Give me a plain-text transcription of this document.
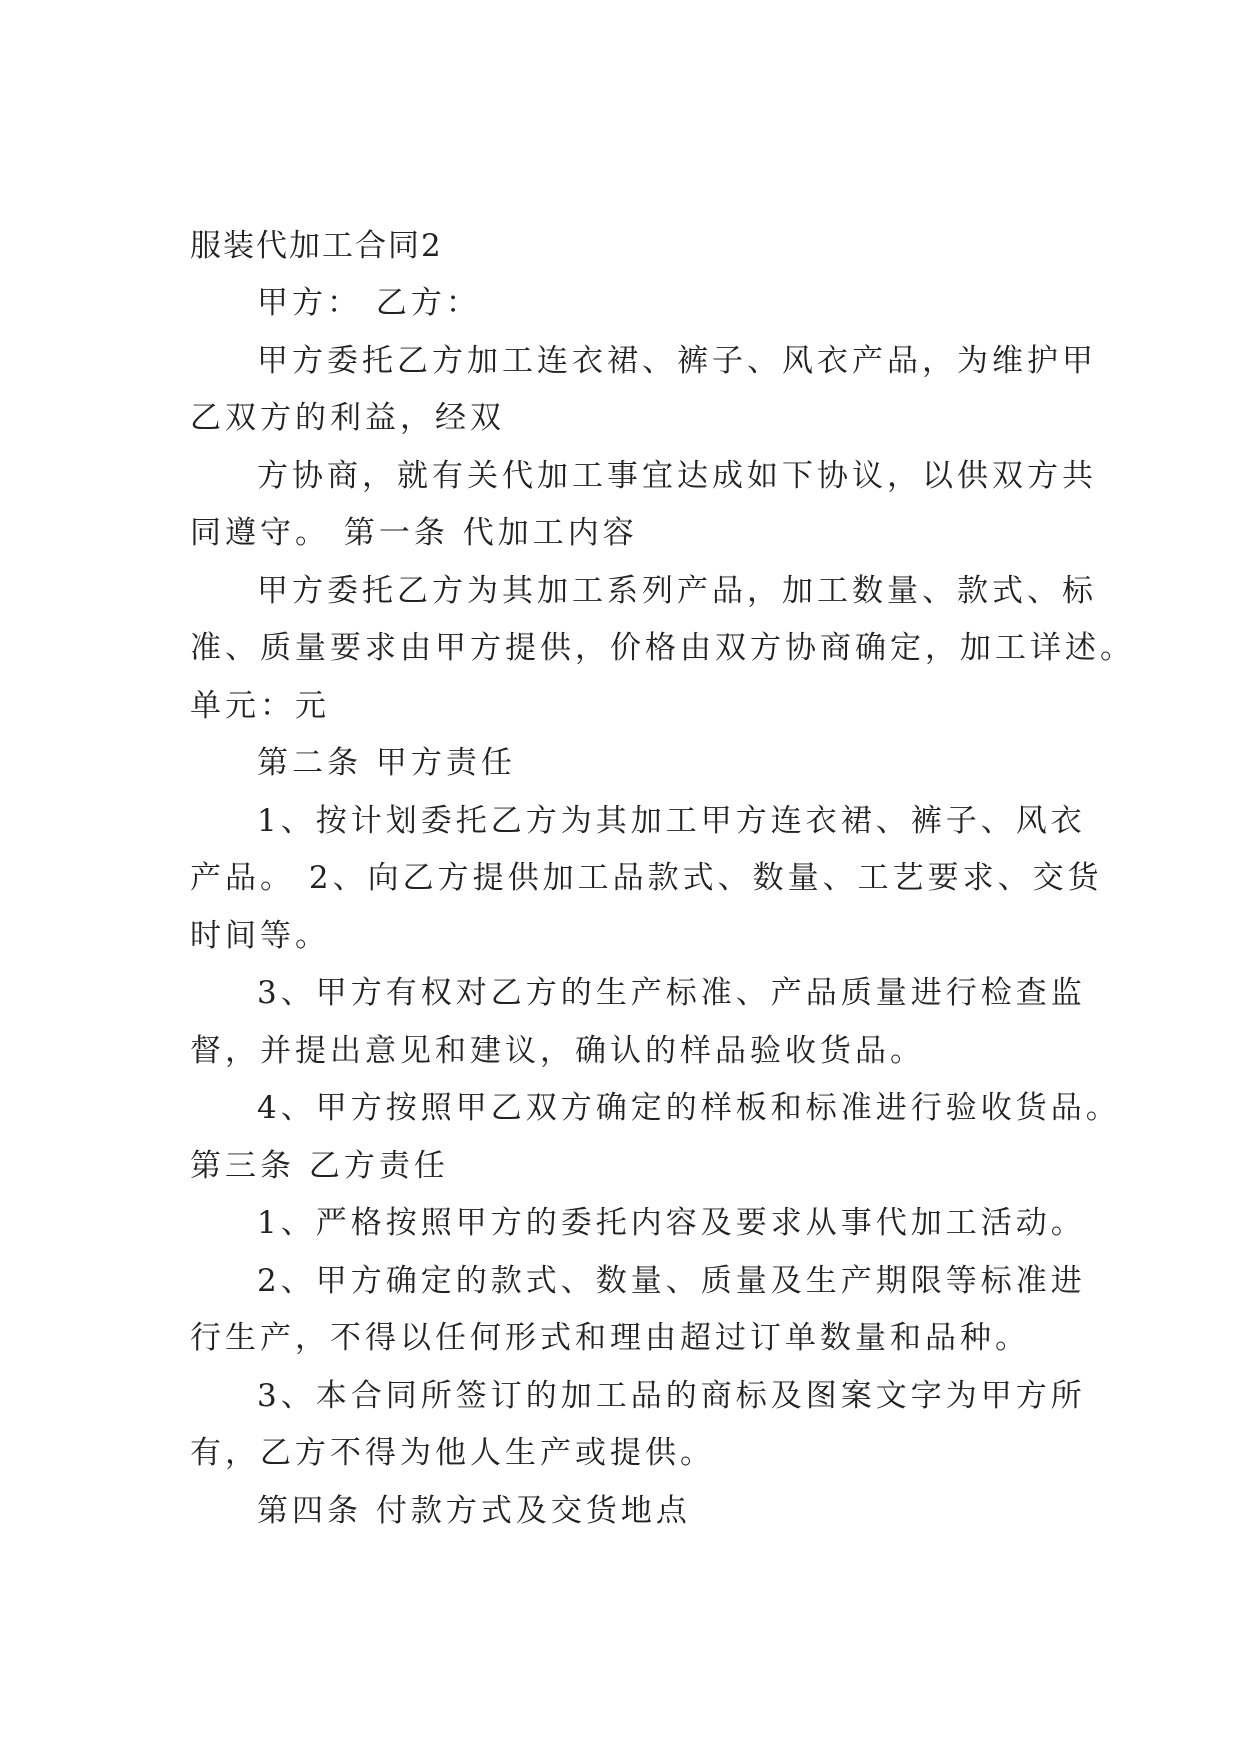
服装代加工合同2
甲方： 乙方：
甲方委托乙方加工连衣裙、裤子、风衣产品，为维护甲
乙双方的利益，经双
方协商，就有关代加工事宜达成如下协议，以供双方共
同遵守。 第一条 代加工内容
甲方委托乙方为其加工系列产品，加工数量、款式、标
准、质量要求由甲方提供，价格由双方协商确定，加工详述。
单元：元
第二条 甲方责任
1、按计划委托乙方为其加工甲方连衣裙、裤子、风衣
产品。 2、向乙方提供加工品款式、数量、工艺要求、交货
时间等。
3、甲方有权对乙方的生产标准、产品质量进行检查监
督，并提出意见和建议，确认的样品验收货品。
4、甲方按照甲乙双方确定的样板和标准进行验收货品。
第三条 乙方责任
1、严格按照甲方的委托内容及要求从事代加工活动。
2、甲方确定的款式、数量、质量及生产期限等标准进
行生产，不得以任何形式和理由超过订单数量和品种。
3、本合同所签订的加工品的商标及图案文字为甲方所
有，乙方不得为他人生产或提供。
第四条 付款方式及交货地点
